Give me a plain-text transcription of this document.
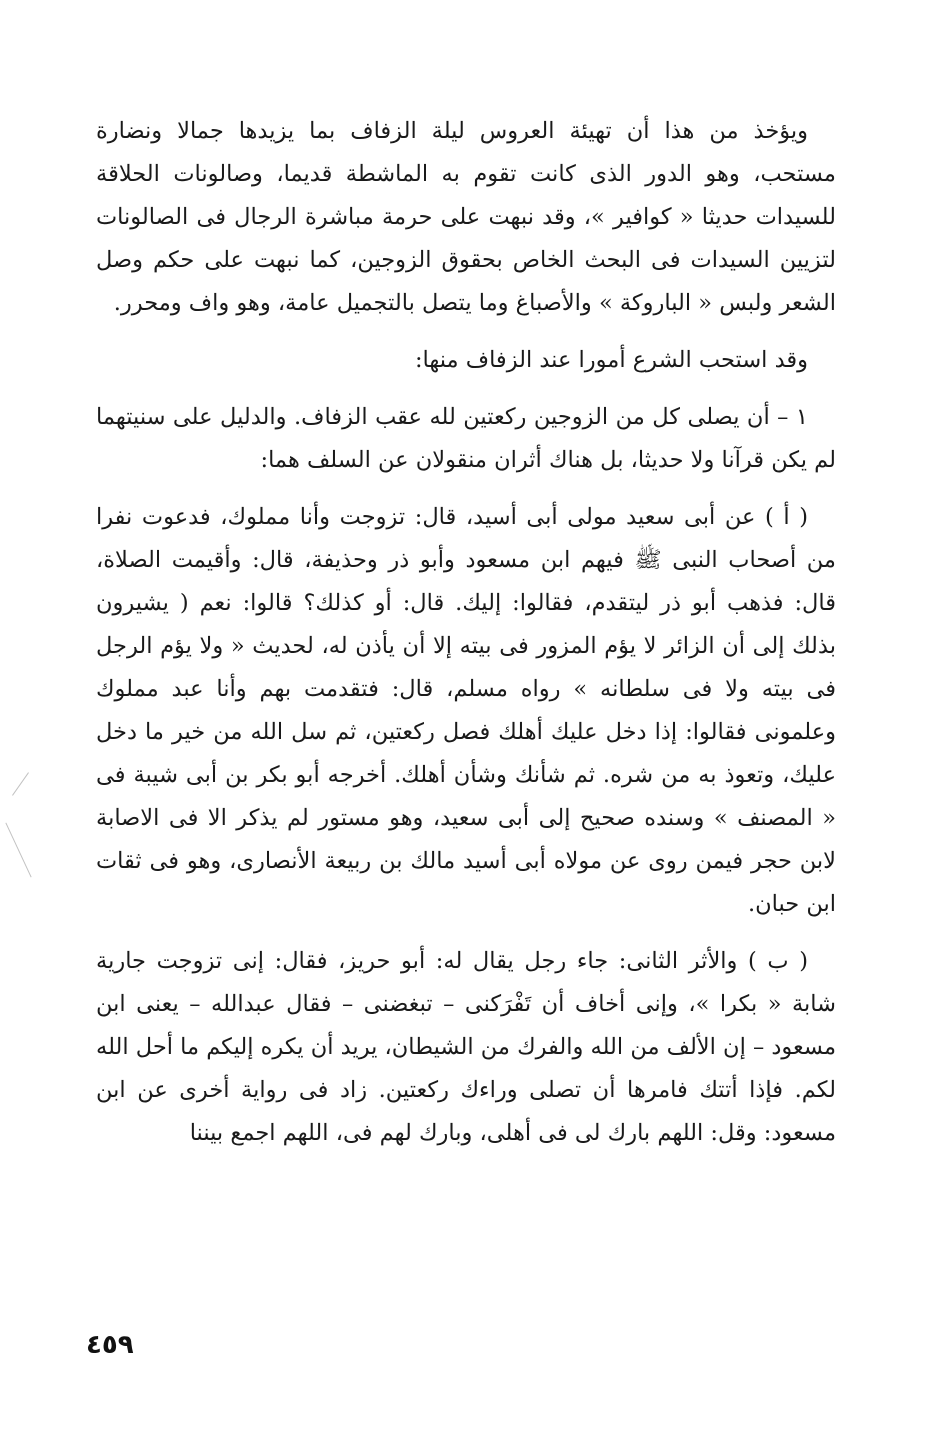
ويؤخذ من هذا أن تهيئة العروس ليلة الزفاف بما يزيدها جمالا ونضارة مستحب، وهو الدور الذى كانت تقوم به الماشطة قديما، وصالونات الحلاقة للسيدات حديثا « كوافير »، وقد نبهت على حرمة مباشرة الرجال فى الصالونات لتزيين السيدات فى البحث الخاص بحقوق الزوجين، كما نبهت على حكم وصل الشعر ولبس « الباروكة » والأصباغ وما يتصل بالتجميل عامة، وهو واف ومحرر.

وقد استحب الشرع أمورا عند الزفاف منها:

١ – أن يصلى كل من الزوجين ركعتين لله عقب الزفاف. والدليل على سنيتهما لم يكن قرآنا ولا حديثا، بل هناك أثران منقولان عن السلف هما:

( أ ) عن أبى سعيد مولى أبى أسيد، قال: تزوجت وأنا مملوك، فدعوت نفرا من أصحاب النبى ﷺ فيهم ابن مسعود وأبو ذر وحذيفة، قال: وأقيمت الصلاة، قال: فذهب أبو ذر ليتقدم، فقالوا: إليك. قال: أو كذلك؟ قالوا: نعم ( يشيرون بذلك إلى أن الزائر لا يؤم المزور فى بيته إلا أن يأذن له، لحديث « ولا يؤم الرجل فى بيته ولا فى سلطانه » رواه مسلم، قال: فتقدمت بهم وأنا عبد مملوك وعلمونى فقالوا: إذا دخل عليك أهلك فصل ركعتين، ثم سل الله من خير ما دخل عليك، وتعوذ به من شره. ثم شأنك وشأن أهلك. أخرجه أبو بكر بن أبى شيبة فى « المصنف » وسنده صحيح إلى أبى سعيد، وهو مستور لم يذكر الا فى الاصابة لابن حجر فيمن روى عن مولاه أبى أسيد مالك بن ربيعة الأنصارى، وهو فى ثقات ابن حبان.

( ب ) والأثر الثانى: جاء رجل يقال له: أبو حريز، فقال: إنى تزوجت جارية شابة « بكرا »، وإنى أخاف أن تَفْرَكنى – تبغضنى – فقال عبدالله – يعنى ابن مسعود – إن الألف من الله والفرك من الشيطان، يريد أن يكره إليكم ما أحل الله لكم. فإذا أتتك فامرها أن تصلى وراءك ركعتين. زاد فى رواية أخرى عن ابن مسعود: وقل: اللهم بارك لى فى أهلى، وبارك لهم فى، اللهم اجمع بيننا

٤٥٩
